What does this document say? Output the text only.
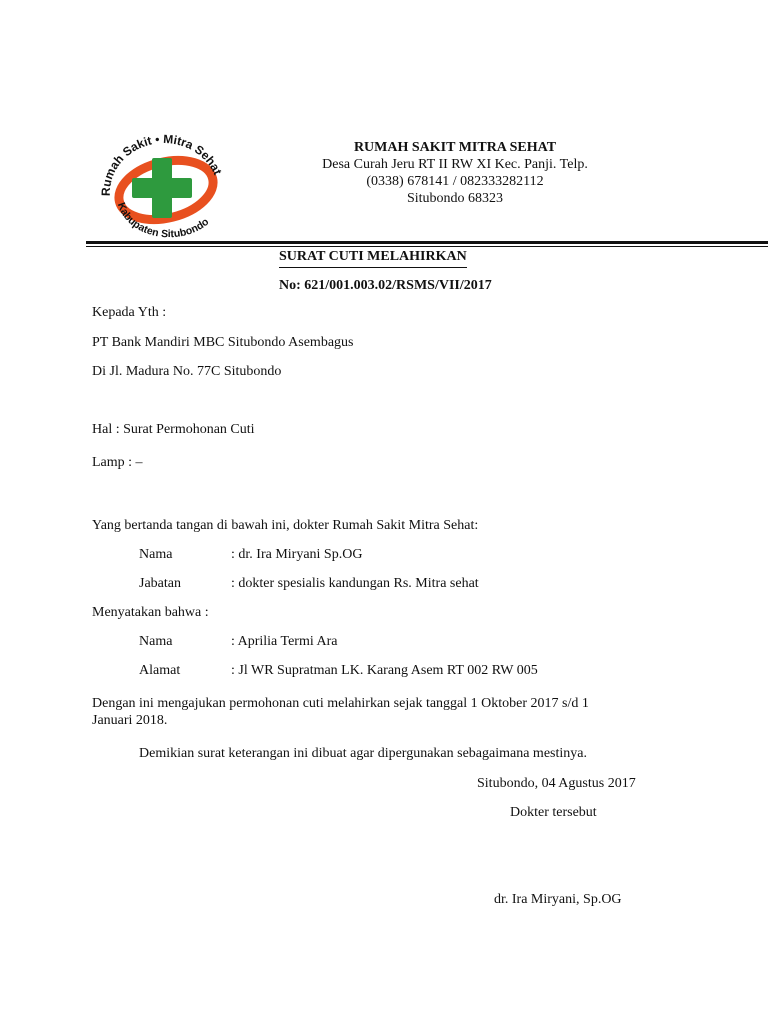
Rumah Sakit • Mitra Sehat
Kabupaten Situbondo
RUMAH SAKIT MITRA SEHAT
Desa Curah Jeru RT II RW XI Kec. Panji. Telp.
(0338) 678141 / 082333282112
Situbondo 68323
SURAT CUTI MELAHIRKAN
No: 621/001.003.02/RSMS/VII/2017
Kepada Yth :
PT Bank Mandiri MBC Situbondo Asembagus
Di Jl. Madura No. 77C Situbondo
Hal : Surat Permohonan Cuti
Lamp : –
Yang bertanda tangan di bawah ini, dokter Rumah Sakit Mitra Sehat:
Nama	: dr. Ira Miryani Sp.OG
Jabatan	: dokter spesialis kandungan Rs. Mitra sehat
Menyatakan bahwa :
Nama	: Aprilia Termi Ara
Alamat	: Jl WR Supratman LK. Karang Asem RT 002 RW 005
Dengan ini mengajukan permohonan cuti melahirkan sejak tanggal 1 Oktober 2017 s/d 1
Januari 2018.
Demikian surat keterangan ini dibuat agar dipergunakan sebagaimana mestinya.
Situbondo, 04 Agustus 2017
Dokter tersebut
dr. Ira Miryani, Sp.OG
